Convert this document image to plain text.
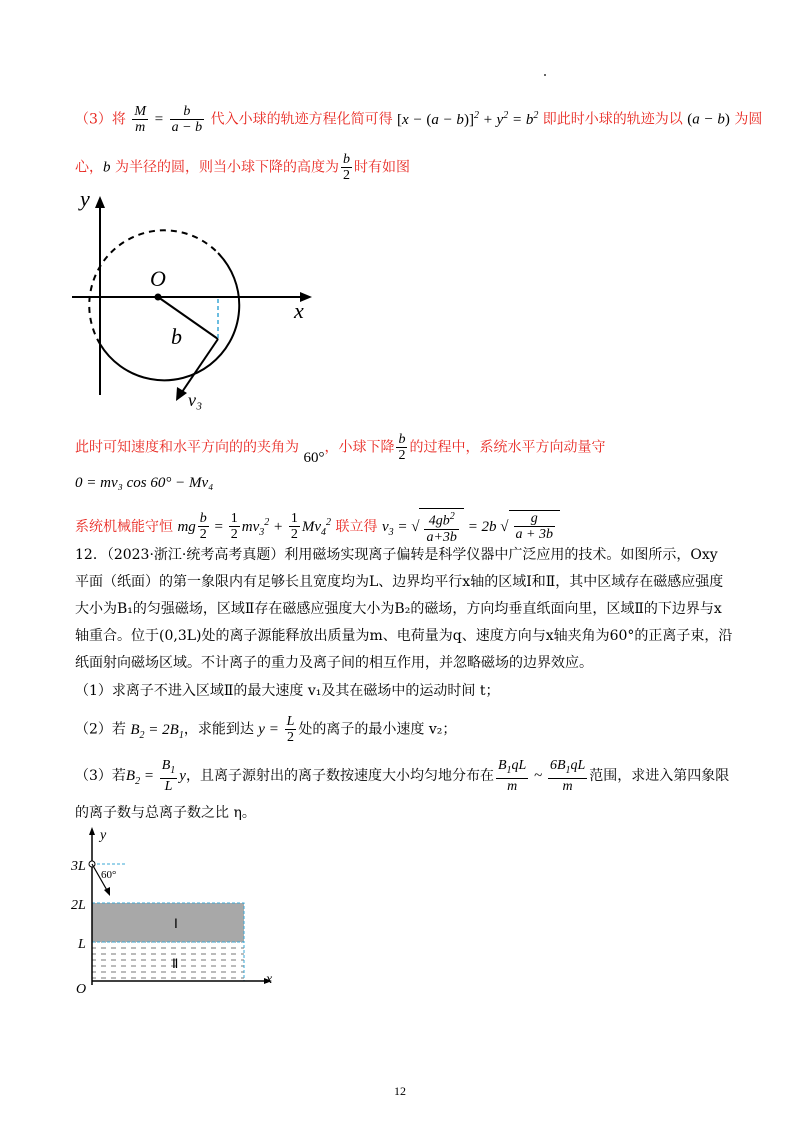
（3）将 $\frac{M}{m} = \frac{b}{a - b}$ 代入小球的轨迹方程化简可得 $[x - (a - b)]^2 + y^2 = b^2$ 即此时小球的轨迹为以 (a − b) 为圆
心，b 为半径的圆，则当小球下降的高度为 $\frac{b}{2}$ 时有如图
y
x
O
b
v₃
此时可知速度和水平方向的的夹角为 60°，小球下降 $\frac{b}{2}$ 的过程中，系统水平方向动量守
0 = mv₃ cos 60° − Mv₄
系统机械能守恒 mg $\frac{b}{2} = \frac{1}{2} mv_3^2 + \frac{1}{2} Mv_4^2$ 联立得 $v_3$ = √ $\frac{4gb^2}{a+3b} = 2b$ √ $\frac{g}{a + 3b}$
12．（2023·浙江·统考高考真题）利用磁场实现离子偏转是科学仪器中广泛应用的技术。如图所示，Oxy 平面（纸面）的第一象限内有足够长且宽度均为L、边界均平行x轴的区域Ⅰ和Ⅱ，其中区域存在磁感应强度大小为B₁的匀强磁场，区域Ⅱ存在磁感应强度大小为B₂的磁场，方向均垂直纸面向里，区域Ⅱ的下边界与x轴重合。位于(0,3L)处的离子源能释放出质量为m、电荷量为q、速度方向与x轴夹角为60°的正离子束，沿纸面射向磁场区域。不计离子的重力及离子间的相互作用，并忽略磁场的边界效应。
（1）求离子不进入区域Ⅱ的最大速度 v₁及其在磁场中的运动时间 t；
（2）若 $B_2 = 2B_1$，求能到达 $y = \frac{L}{2}$ 处的离子的最小速度 v₂；
（3）若$B_2 = \frac{B_1}{L}$ y，且离子源射出的离子数按速度大小均匀地分布在 $\frac{B_1qL}{m}$ ~ $\frac{6B_1qL}{m}$ 范围，求进入第四象限
的离子数与总离子数之比 η。
y
x
O
3L
2L
L
60°
Ⅰ
Ⅱ
12
